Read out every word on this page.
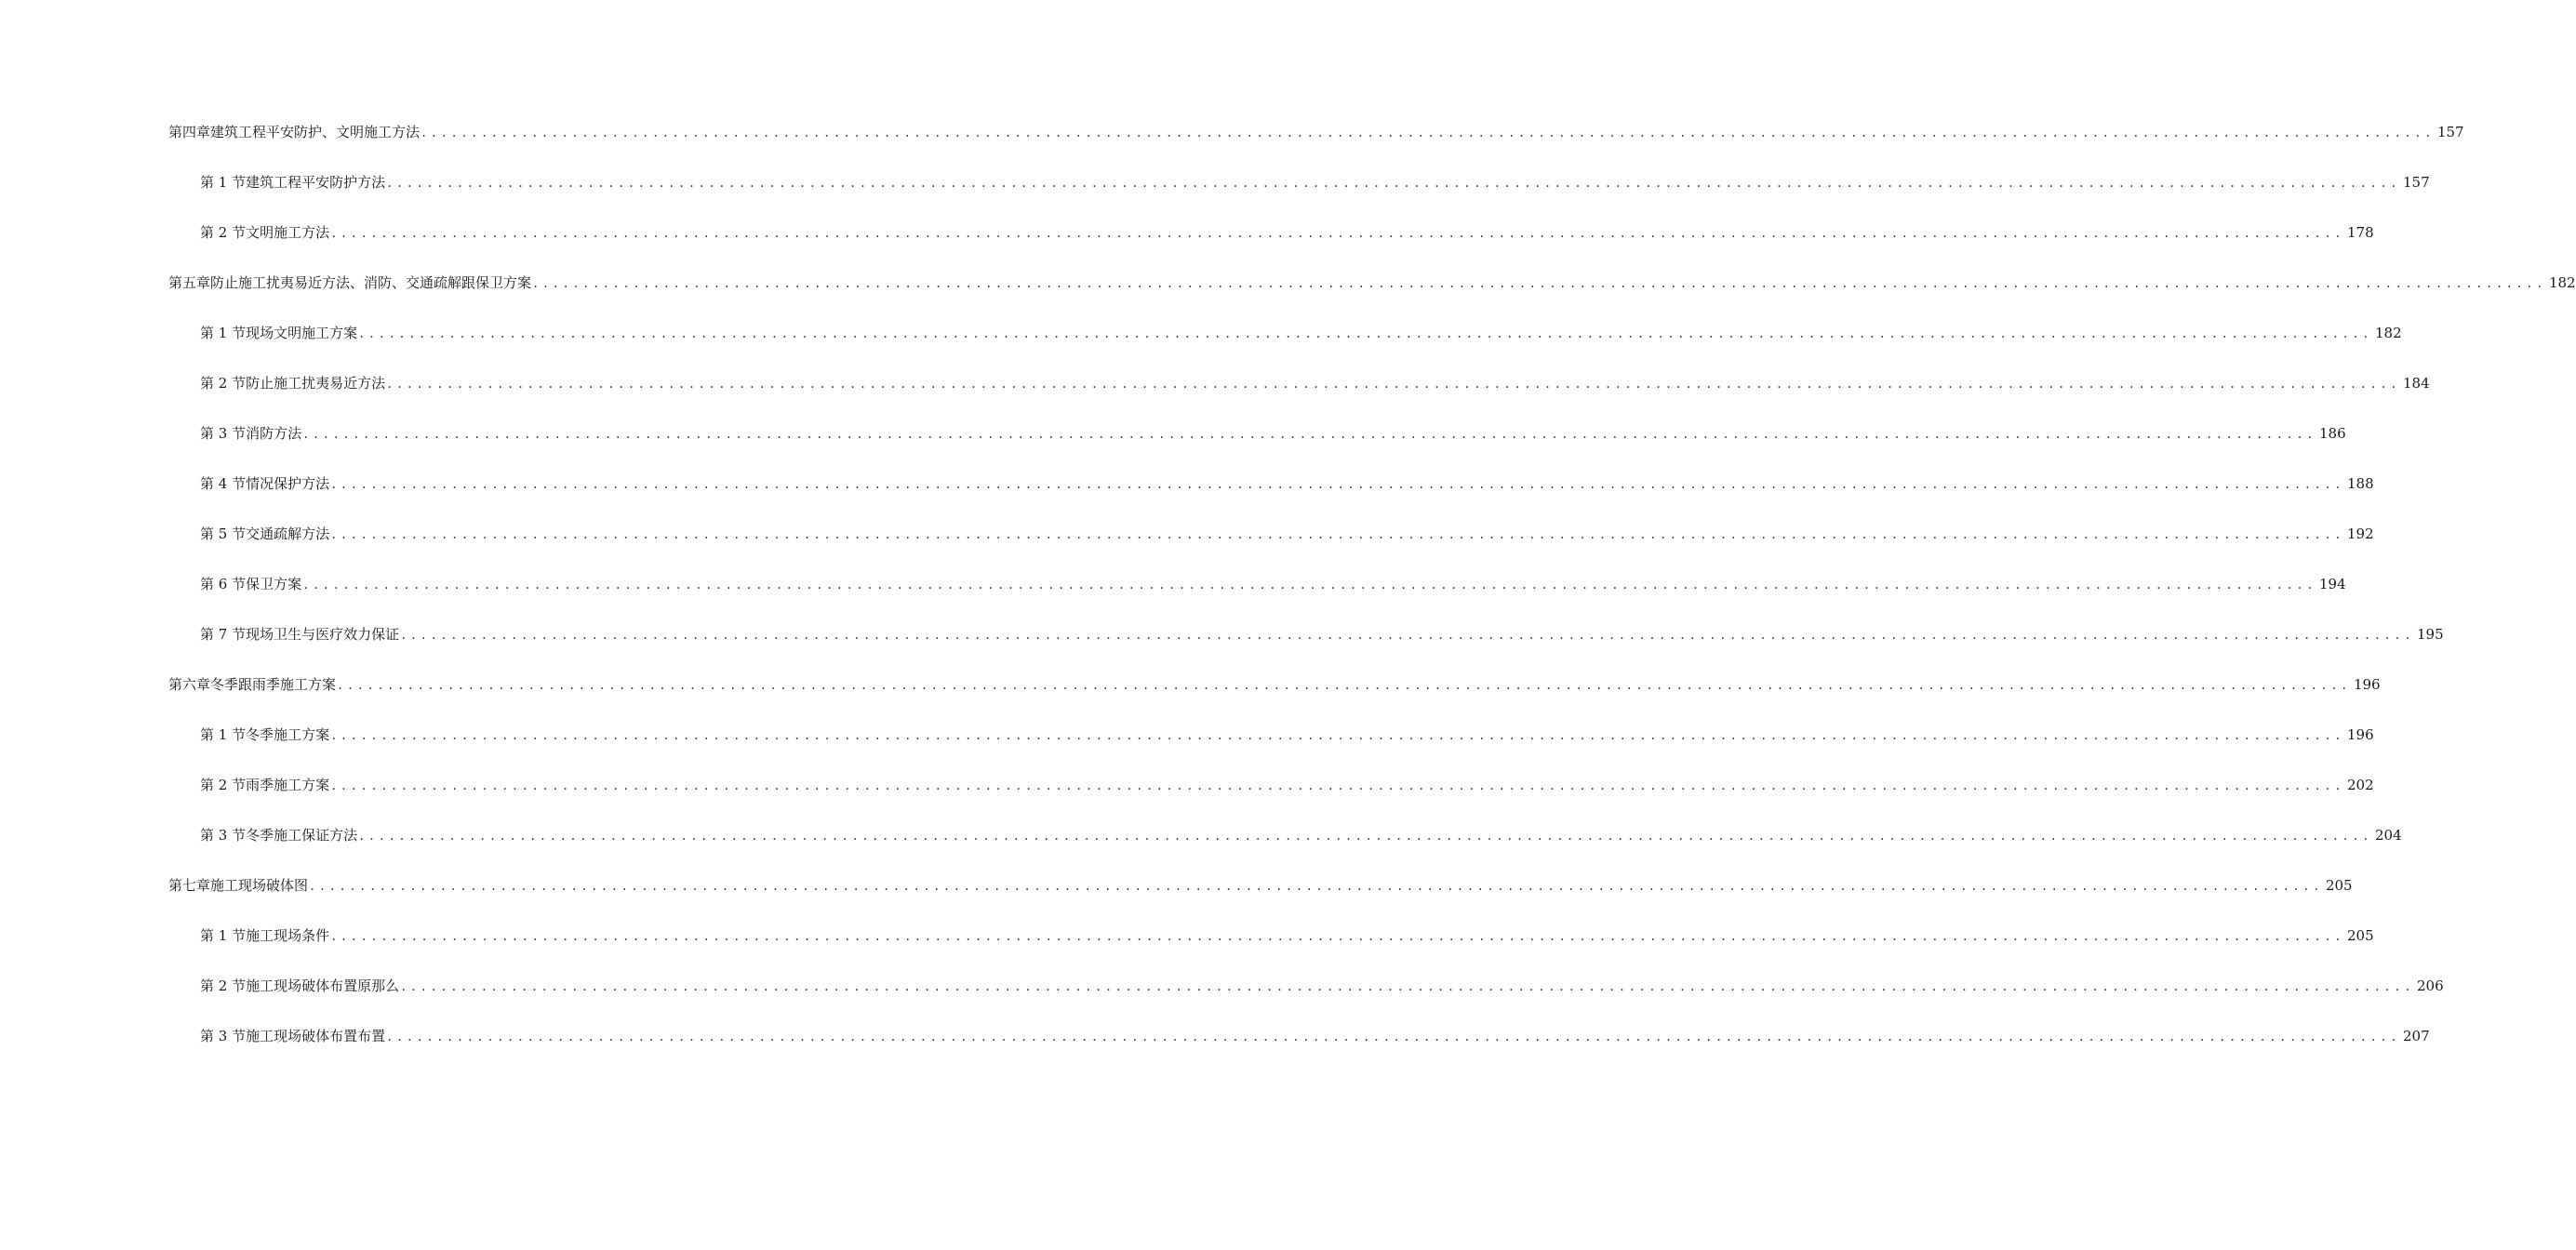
第四章建筑工程平安防护、文明施工方法 ........................................................................................................................................................................................................ 157
第 1 节建筑工程平安防护方法 ........................................................................................................................................................................................................ 157
第 2 节文明施工方法 ........................................................................................................................................................................................................ 178
第五章防止施工扰夷易近方法、消防、交通疏解跟保卫方案 ........................................................................................................................................................................................................ 182
第 1 节现场文明施工方案 ........................................................................................................................................................................................................ 182
第 2 节防止施工扰夷易近方法 ........................................................................................................................................................................................................ 184
第 3 节消防方法 ........................................................................................................................................................................................................ 186
第 4 节情况保护方法 ........................................................................................................................................................................................................ 188
第 5 节交通疏解方法 ........................................................................................................................................................................................................ 192
第 6 节保卫方案 ........................................................................................................................................................................................................ 194
第 7 节现场卫生与医疗效力保证 ........................................................................................................................................................................................................ 195
第六章冬季跟雨季施工方案 ........................................................................................................................................................................................................ 196
第 1 节冬季施工方案 ........................................................................................................................................................................................................ 196
第 2 节雨季施工方案 ........................................................................................................................................................................................................ 202
第 3 节冬季施工保证方法 ........................................................................................................................................................................................................ 204
第七章施工现场破体图 ........................................................................................................................................................................................................ 205
第 1 节施工现场条件 ........................................................................................................................................................................................................ 205
第 2 节施工现场破体布置原那么 ........................................................................................................................................................................................................ 206
第 3 节施工现场破体布置布置 ........................................................................................................................................................................................................ 207
